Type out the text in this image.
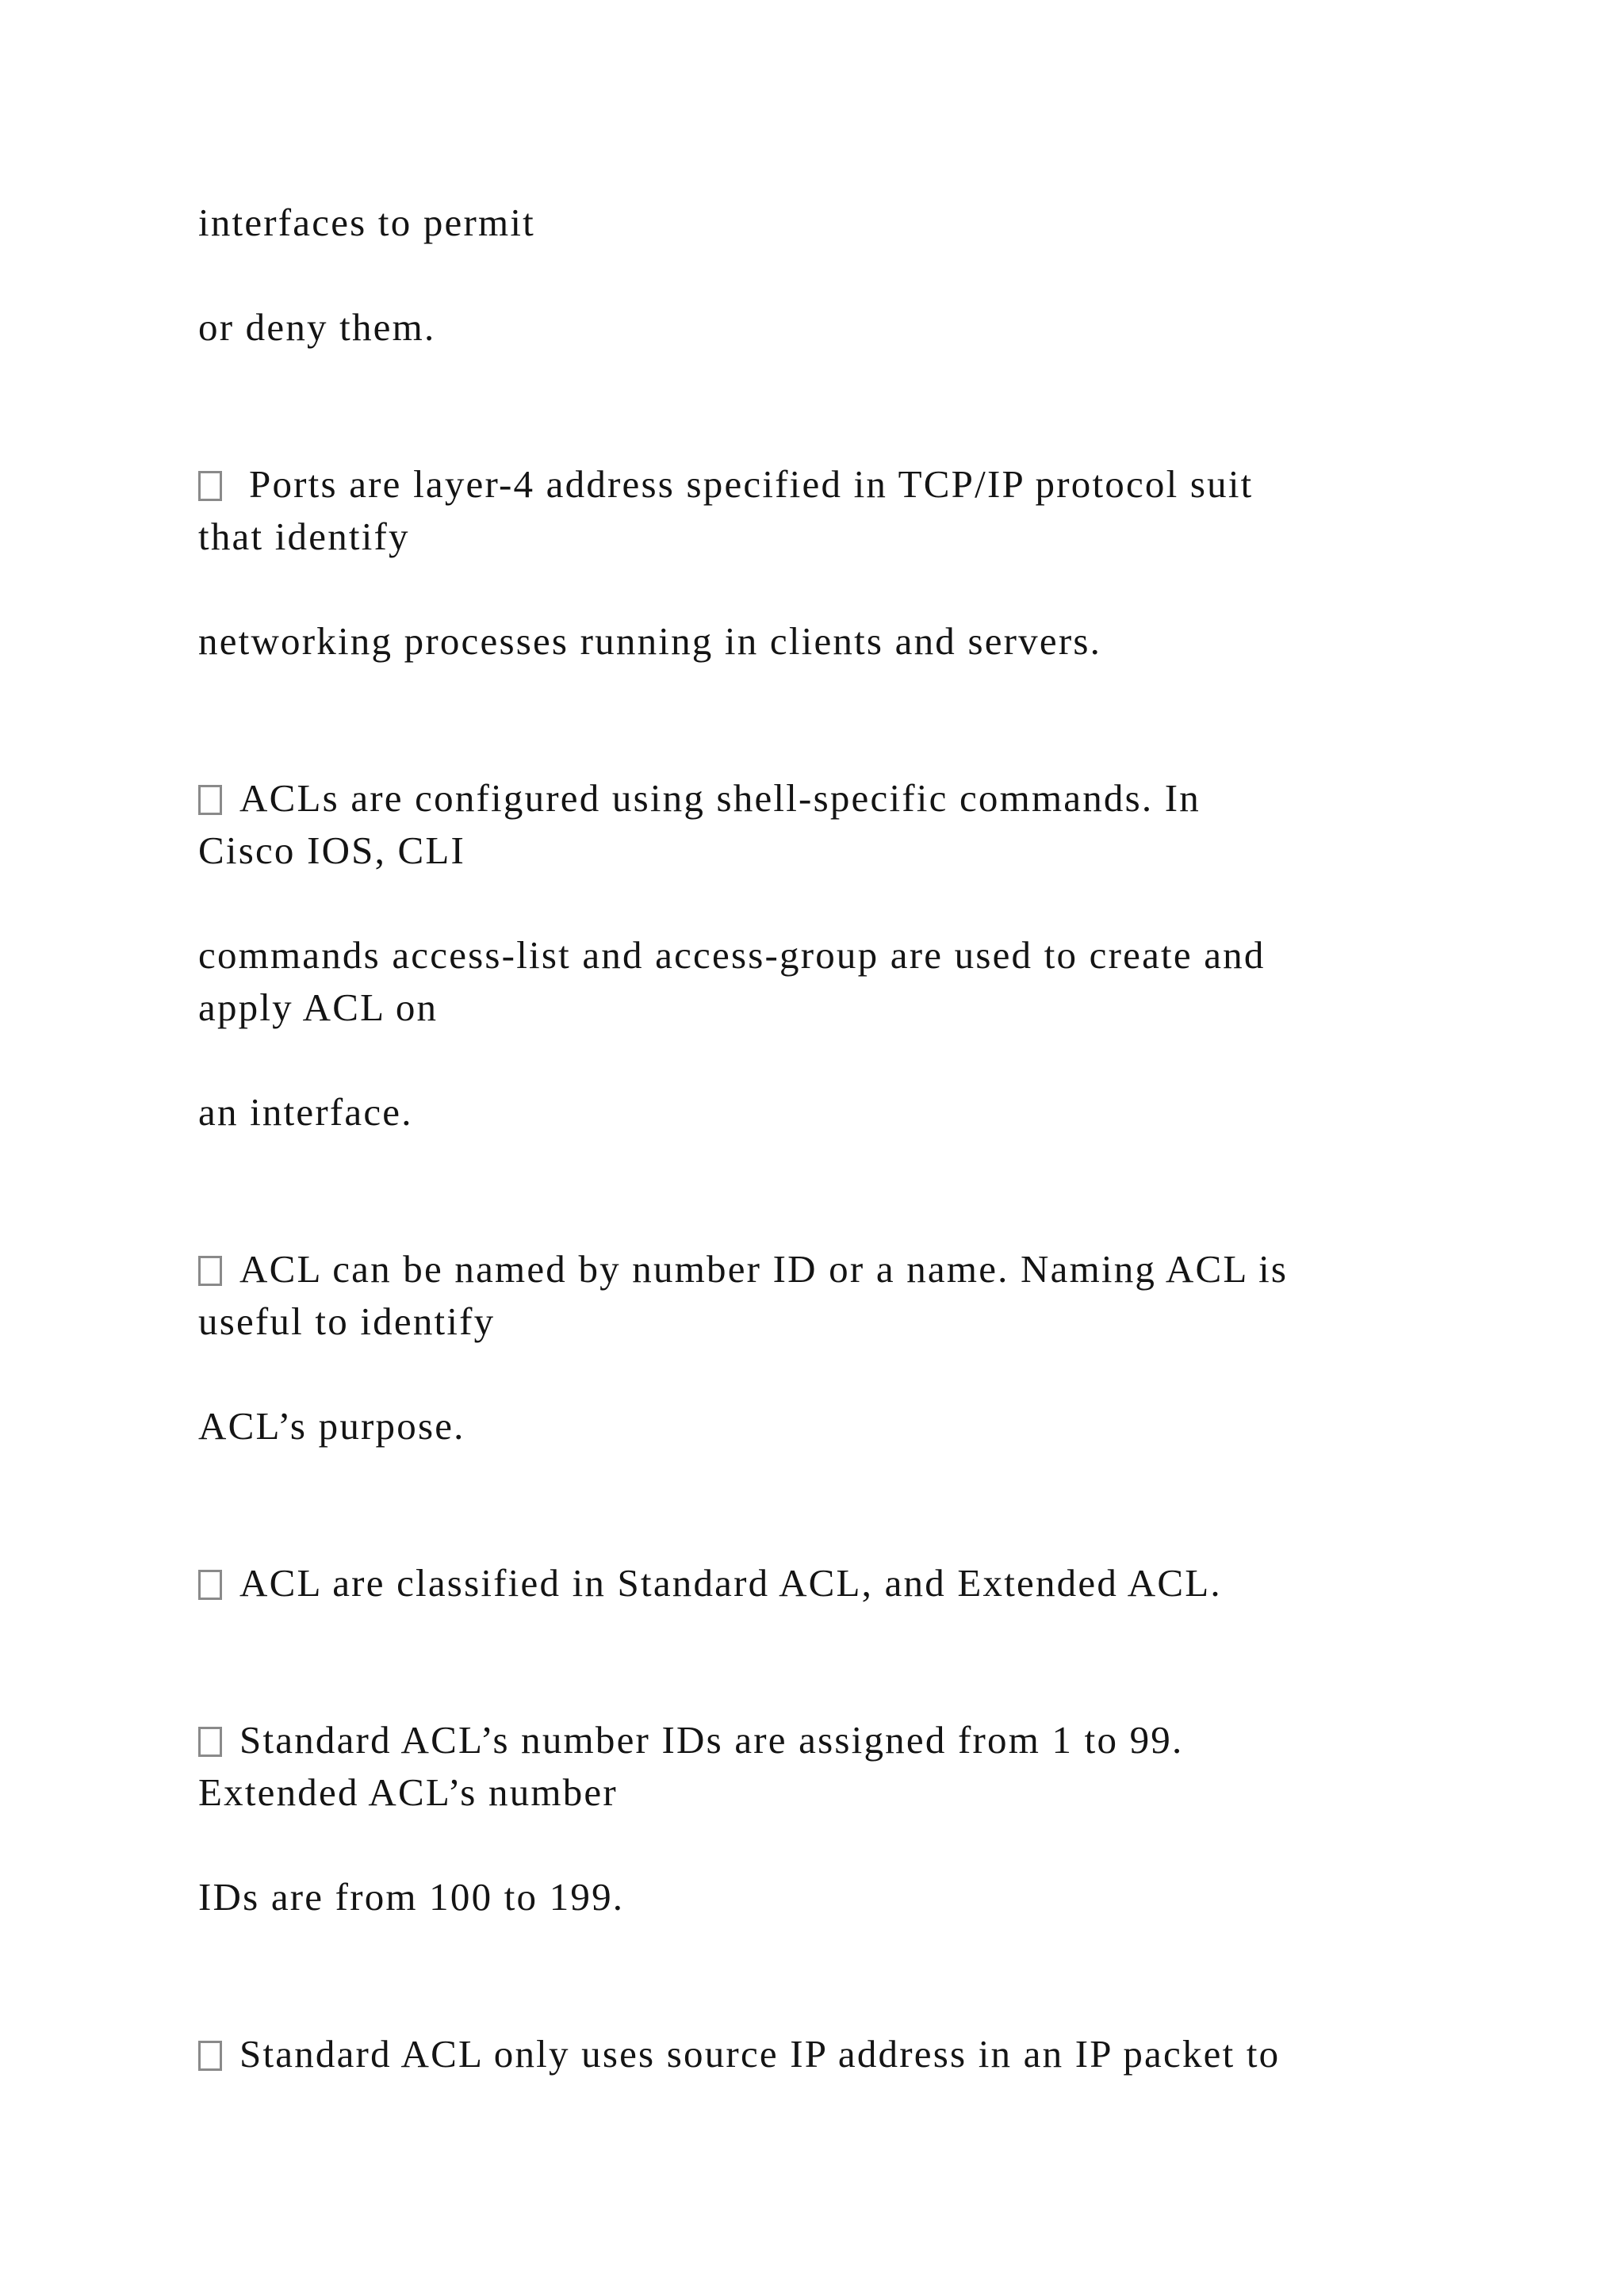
interfaces to permit

or deny them.

Ports are layer-4 address specified in TCP/IP protocol suit

that identify

networking processes running in clients and servers.

ACLs are configured using shell-specific commands. In

Cisco IOS, CLI

commands access-list and access-group are used to create and

apply ACL on

an interface.

ACL can be named by number ID or a name. Naming ACL is

useful to identify

ACL’s purpose.

ACL are classified in Standard ACL, and Extended ACL.

Standard ACL’s number IDs are assigned from 1 to 99.

Extended ACL’s number

IDs are from 100 to 199.

Standard ACL only uses source IP address in an IP packet to
